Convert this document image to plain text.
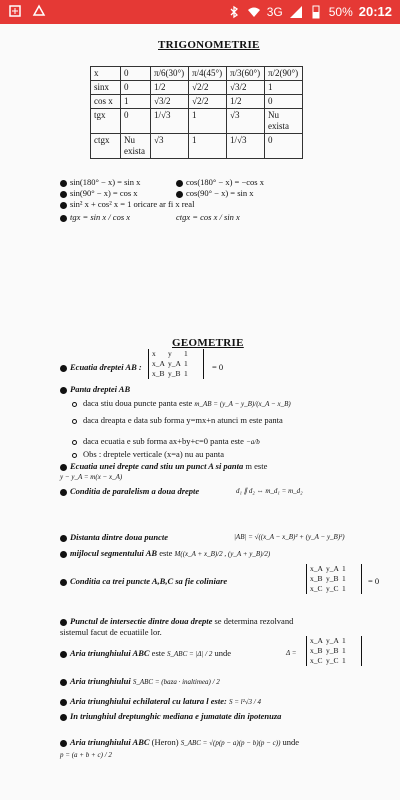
3G	50% 20:12
TRIGONOMETRIE
x	0	π/6(30°)	π/4(45°)	π/3(60°)	π/2(90°)
sinx	0	1/2	√2/2	√3/2	1
cos x	1	√3/2	√2/2	1/2	0
tgx	0	1/√3	1	√3	Nu exista
ctgx	Nu exista	√3	1	1/√3	0
sin(180° − x) = sin x	cos(180° − x) = −cos x
sin(90° − x) = cos x	cos(90° − x) = sin x
sin² x + cos² x = 1 oricare ar fi x real
tgx = sin x / cos x	ctgx = cos x / sin x
GEOMETRIE
Ecuatia dreptei AB :
x y 1
x_A y_A 1
x_B y_B 1
= 0
Panta dreptei AB
daca stiu doua puncte panta este m_AB = (y_A − y_B)/(x_A − x_B)
daca dreapta e data sub forma y=mx+n atunci m este panta
daca ecuatia e sub forma ax+by+c=0 panta este −a/b
Obs : dreptele verticale (x=a) nu au panta
Ecuatia unei drepte cand stiu un punct A si panta m este
y − y_A = m(x − x_A)
Conditia de paralelism a doua drepte	d₁ ∥ d₂ ⇔ m_d₁ = m_d₂
Distanta dintre doua puncte	|AB| = √((x_A − x_B)² + (y_A − y_B)²)
mijlocul segmentului AB este M((x_A + x_B)/2 , (y_A + y_B)/2)
Conditia ca trei puncte A,B,C sa fie coliniare
x_A y_A 1
x_B y_B 1
x_C y_C 1
= 0
Punctul de intersectie dintre doua drepte se determina rezolvand
sistemul facut de ecuatiile lor.
Aria triunghiului ABC este S_ABC = |Δ| / 2 unde	Δ =
x_A y_A 1
x_B y_B 1
x_C y_C 1
Aria triunghiului S_ABC = (baza · inaltimea) / 2
Aria triunghiului echilateral cu latura l este: S = l²√3 / 4
In triunghiul dreptunghic mediana e jumatate din ipotenuza
Aria triunghiului ABC (Heron) S_ABC = √(p(p − a)(p − b)(p − c)) unde
p = (a + b + c) / 2
